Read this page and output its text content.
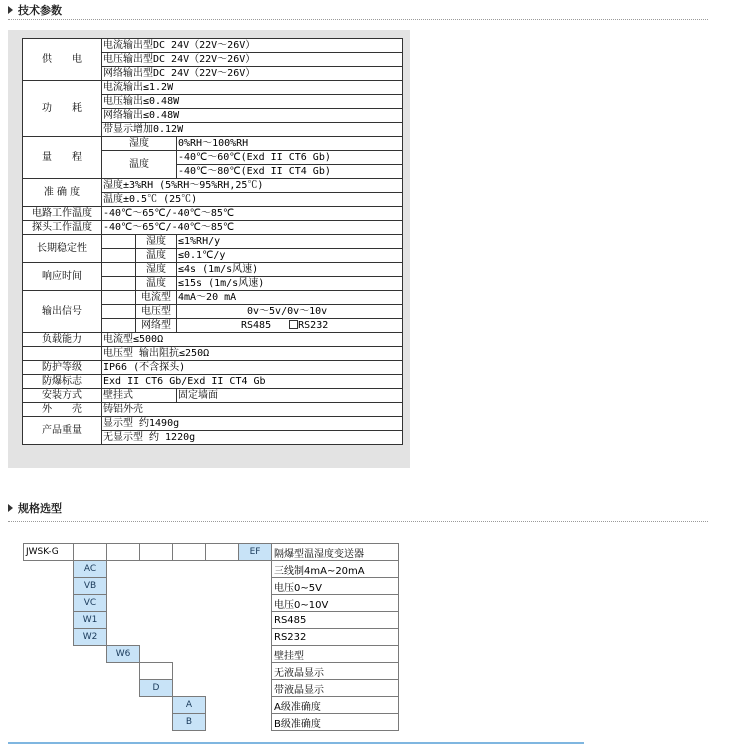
技术参数
供　　电	电流输出型DC 24V（22V～26V）		
	电压输出型DC 24V（22V～26V）		
	网络输出型DC 24V（22V～26V）		
功　　耗	电流输出≤1.2W		
	电压输出≤0.48W		
	网络输出≤0.48W		
	带显示增加0.12W		
量　　程	湿度		0%RH～100%RH
	温度		-40℃～60℃(Exd II CT6 Gb)
			-40℃～80℃(Exd II CT4 Gb)
准 确 度	湿度±3%RH (5%RH～95%RH,25℃)		
	温度±0.5℃ (25℃)		
电路工作温度	-40℃～65℃/-40℃～85℃		
探头工作温度	-40℃～65℃/-40℃～85℃		
长期稳定性		湿度	≤1%RH/y
		温度	≤0.1℃/y
响应时间		湿度	≤4s (1m/s风速)
		温度	≤15s (1m/s风速)
输出信号		电流型	4mA～20 mA
		电压型	0v～5v/0v～10v
		网络型	RS485 RS232
负载能力	电流型≤500Ω		
	电压型 输出阻抗≤250Ω		
防护等级	IP66 (不含探头)		
防爆标志	Exd II CT6 Gb/Exd II CT4 Gb		
安装方式	壁挂式		固定墙面
外　　壳	铸铝外壳		
产品重量	显示型 约1490g		
	无显示型 约 1220g		
规格选型
JWSK-G						EF	隔爆型温湿度变送器
	AC						三线制4mA~20mA
	VB						电压0~5V
	VC						电压0~10V
	W1						RS485
	W2						RS232
		W6					壁挂型
							无液晶显示
			D				带液晶显示
				A			A级准确度
				B			B级准确度
